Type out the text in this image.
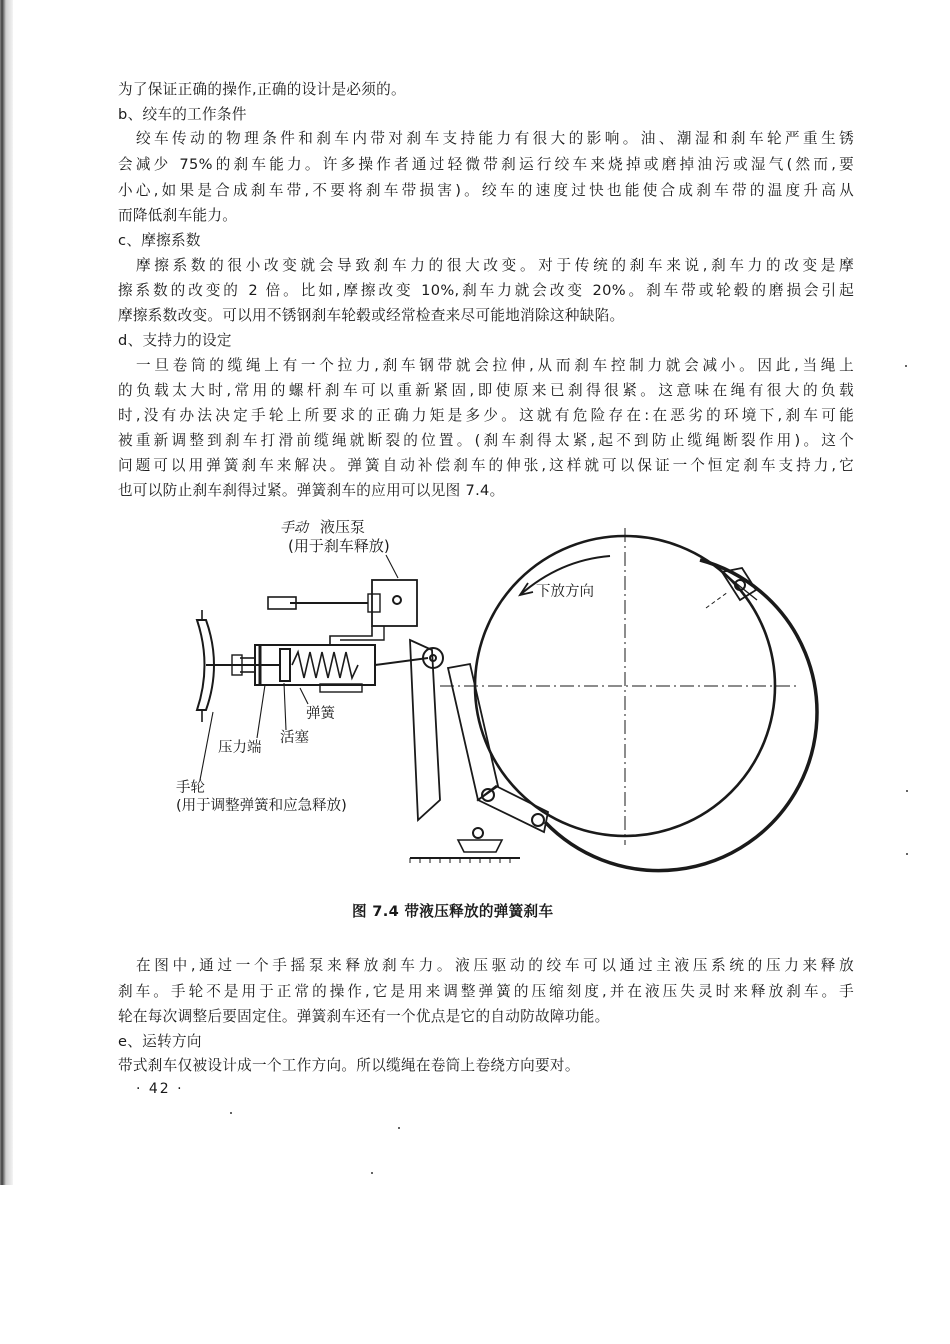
为了保证正确的操作,正确的设计是必须的。
b、绞车的工作条件
绞车传动的物理条件和刹车内带对刹车支持能力有很大的影响。油、潮湿和刹车轮严重生锈
会减少 75%的刹车能力。许多操作者通过轻微带刹运行绞车来烧掉或磨掉油污或湿气(然而,要
小心,如果是合成刹车带,不要将刹车带损害)。绞车的速度过快也能使合成刹车带的温度升高从
而降低刹车能力。
c、摩擦系数
摩擦系数的很小改变就会导致刹车力的很大改变。对于传统的刹车来说,刹车力的改变是摩
擦系数的改变的 2 倍。比如,摩擦改变 10%,刹车力就会改变 20%。刹车带或轮毂的磨损会引起
摩擦系数改变。可以用不锈钢刹车轮毂或经常检查来尽可能地消除这种缺陷。
d、支持力的设定
一旦卷筒的缆绳上有一个拉力,刹车钢带就会拉伸,从而刹车控制力就会减小。因此,当绳上
的负载太大时,常用的螺杆刹车可以重新紧固,即使原来已刹得很紧。这意味在绳有很大的负载
时,没有办法决定手轮上所要求的正确力矩是多少。这就有危险存在:在恶劣的环境下,刹车可能
被重新调整到刹车打滑前缆绳就断裂的位置。(刹车刹得太紧,起不到防止缆绳断裂作用)。这个
问题可以用弹簧刹车来解决。弹簧自动补偿刹车的伸张,这样就可以保证一个恒定刹车支持力,它
也可以防止刹车刹得过紧。弹簧刹车的应用可以见图 7.4。
手动 液压泵
(用于刹车释放)
下放方向
弹簧
活塞
压力端
手轮
(用于调整弹簧和应急释放)
图 7.4 带液压释放的弹簧刹车
在图中,通过一个手摇泵来释放刹车力。液压驱动的绞车可以通过主液压系统的压力来释放
刹车。手轮不是用于正常的操作,它是用来调整弹簧的压缩刻度,并在液压失灵时来释放刹车。手
轮在每次调整后要固定住。弹簧刹车还有一个优点是它的自动防故障功能。
e、运转方向
带式刹车仅被设计成一个工作方向。所以缆绳在卷筒上卷绕方向要对。
· 42 ·
